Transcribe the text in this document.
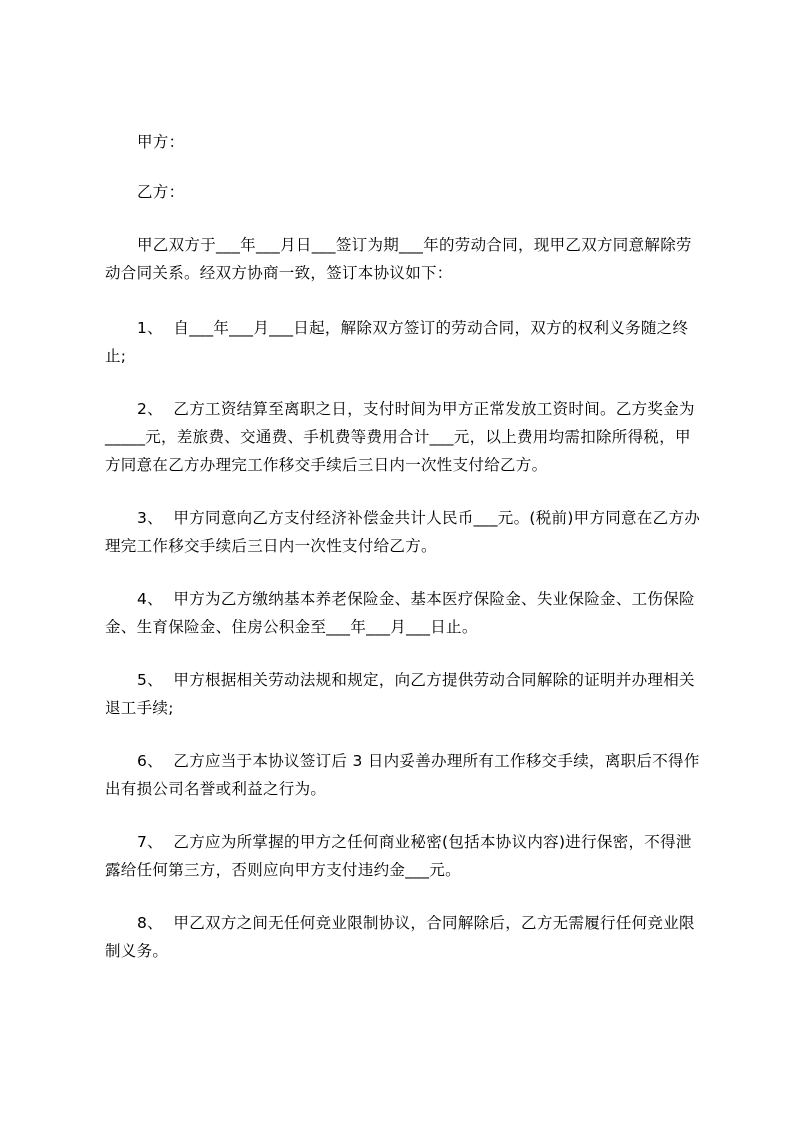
甲方：
乙方：
甲乙双方于___年___月日___签订为期___年的劳动合同，现甲乙双方同意解除劳
动合同关系。经双方协商一致，签订本协议如下：
1、  自___年___月___日起，解除双方签订的劳动合同，双方的权利义务随之终
止;
2、  乙方工资结算至离职之日，支付时间为甲方正常发放工资时间。乙方奖金为
_____元，差旅费、交通费、手机费等费用合计___元，以上费用均需扣除所得税，甲
方同意在乙方办理完工作移交手续后三日内一次性支付给乙方。
3、  甲方同意向乙方支付经济补偿金共计人民币___元。(税前)甲方同意在乙方办
理完工作移交手续后三日内一次性支付给乙方。
4、  甲方为乙方缴纳基本养老保险金、基本医疗保险金、失业保险金、工伤保险
金、生育保险金、住房公积金至___年___月___日止。
5、  甲方根据相关劳动法规和规定，向乙方提供劳动合同解除的证明并办理相关
退工手续;
6、  乙方应当于本协议签订后 3 日内妥善办理所有工作移交手续，离职后不得作
出有损公司名誉或利益之行为。
7、  乙方应为所掌握的甲方之任何商业秘密(包括本协议内容)进行保密，不得泄
露给任何第三方，否则应向甲方支付违约金___元。
8、  甲乙双方之间无任何竞业限制协议，合同解除后，乙方无需履行任何竞业限
制义务。
